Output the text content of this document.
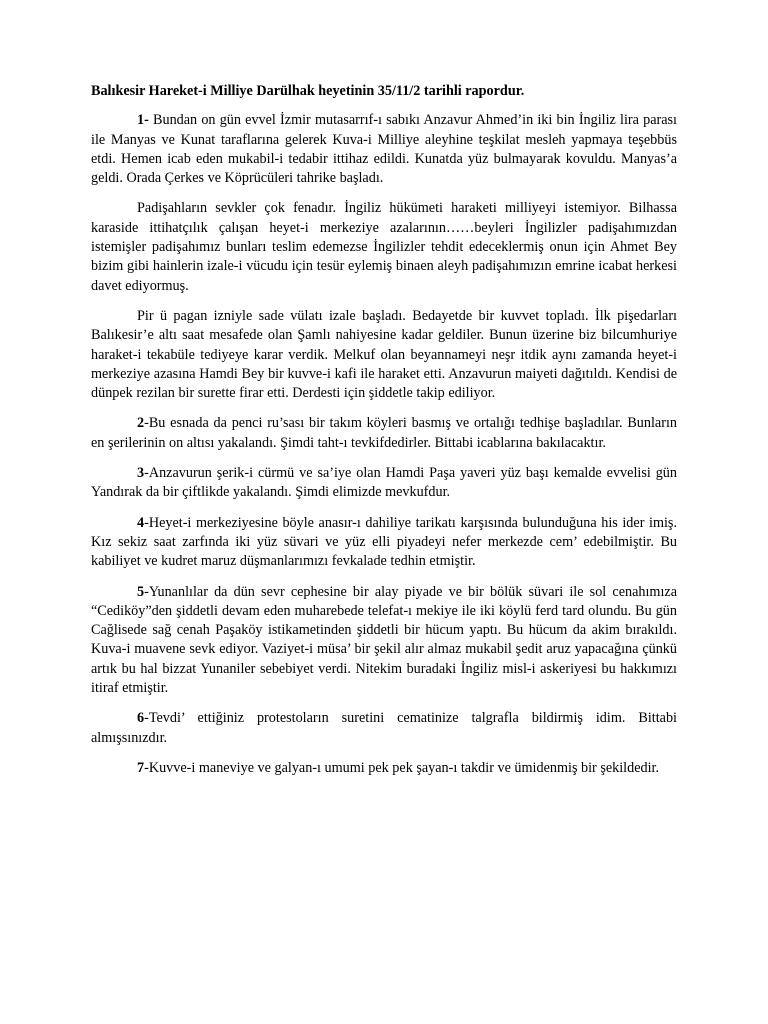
Balıkesir Hareket-i Milliye Darülhak heyetinin 35/11/2 tarihli rapordur.

1- Bundan on gün evvel İzmir mutasarrıf-ı sabıkı Anzavur Ahmed’in iki bin İngiliz lira parası ile Manyas ve Kunat taraflarına gelerek Kuva-i Milliye aleyhine teşkilat mesleh yapmaya teşebbüs etdi. Hemen icab eden mukabil-i tedabir ittihaz edildi. Kunatda yüz bulmayarak kovuldu. Manyas’a geldi. Orada Çerkes ve Köprücüleri tahrike başladı.

Padişahların sevkler çok fenadır. İngiliz hükümeti haraketi milliyeyi istemiyor. Bilhassa karaside ittihatçılık çalışan heyet-i merkeziye azalarının……beyleri İngilizler padişahımızdan istemişler padişahımız bunları teslim edemezse İngilizler tehdit edeceklermiş onun için Ahmet Bey bizim gibi hainlerin izale-i vücudu için tesür eylemiş binaen aleyh padişahımızın emrine icabat herkesi davet ediyormuş.

Pir ü pagan izniyle sade vülatı izale başladı. Bedayetde bir kuvvet topladı. İlk pişedarları Balıkesir’e altı saat mesafede olan Şamlı nahiyesine kadar geldiler. Bunun üzerine biz bilcumhuriye haraket-i tekabüle tediyeye karar verdik. Melkuf olan beyannameyi neşr itdik aynı zamanda heyet-i merkeziye azasına Hamdi Bey bir kuvve-i kafi ile haraket etti. Anzavurun maiyeti dağıtıldı. Kendisi de dünpek rezilan bir surette firar etti. Derdesti için şiddetle takip ediliyor.

2-Bu esnada da penci ru’sası bir takım köyleri basmış ve ortalığı tedhişe başladılar. Bunların en şerilerinin on altısı yakalandı. Şimdi taht-ı tevkifdedirler. Bittabi icablarına bakılacaktır.

3-Anzavurun şerik-i cürmü ve sa’iye olan Hamdi Paşa yaveri yüz başı kemalde evvelisi gün Yandırak da bir çiftlikde yakalandı. Şimdi elimizde mevkufdur.

4-Heyet-i merkeziyesine böyle anasır-ı dahiliye tarikatı karşısında bulunduğuna his ider imiş. Kız sekiz saat zarfında iki yüz süvari ve yüz elli piyadeyi nefer merkezde cem’ edebilmiştir. Bu kabiliyet ve kudret maruz düşmanlarımızı fevkalade tedhin etmiştir.

5-Yunanlılar da dün sevr cephesine bir alay piyade ve bir bölük süvari ile sol cenahımıza “Cediköy”den şiddetli devam eden muharebede telefat-ı mekiye ile iki köylü ferd tard olundu. Bu gün Cağlisede sağ cenah Paşaköy istikametinden şiddetli bir hücum yaptı. Bu hücum da akim bırakıldı. Kuva-i muavene sevk ediyor. Vaziyet-i müsa’ bir şekil alır almaz mukabil şedit aruz yapacağına çünkü artık bu hal bizzat Yunaniler sebebiyet verdi. Nitekim buradaki İngiliz misl-i askeriyesi bu hakkımızı itiraf etmiştir.

6-Tevdi’ ettiğiniz protestoların suretini cematinize talgrafla bildirmiş idim. Bittabi almışsınızdır.

7-Kuvve-i maneviye ve galyan-ı umumi pek pek şayan-ı takdir ve ümidenmiş bir şekildedir.
